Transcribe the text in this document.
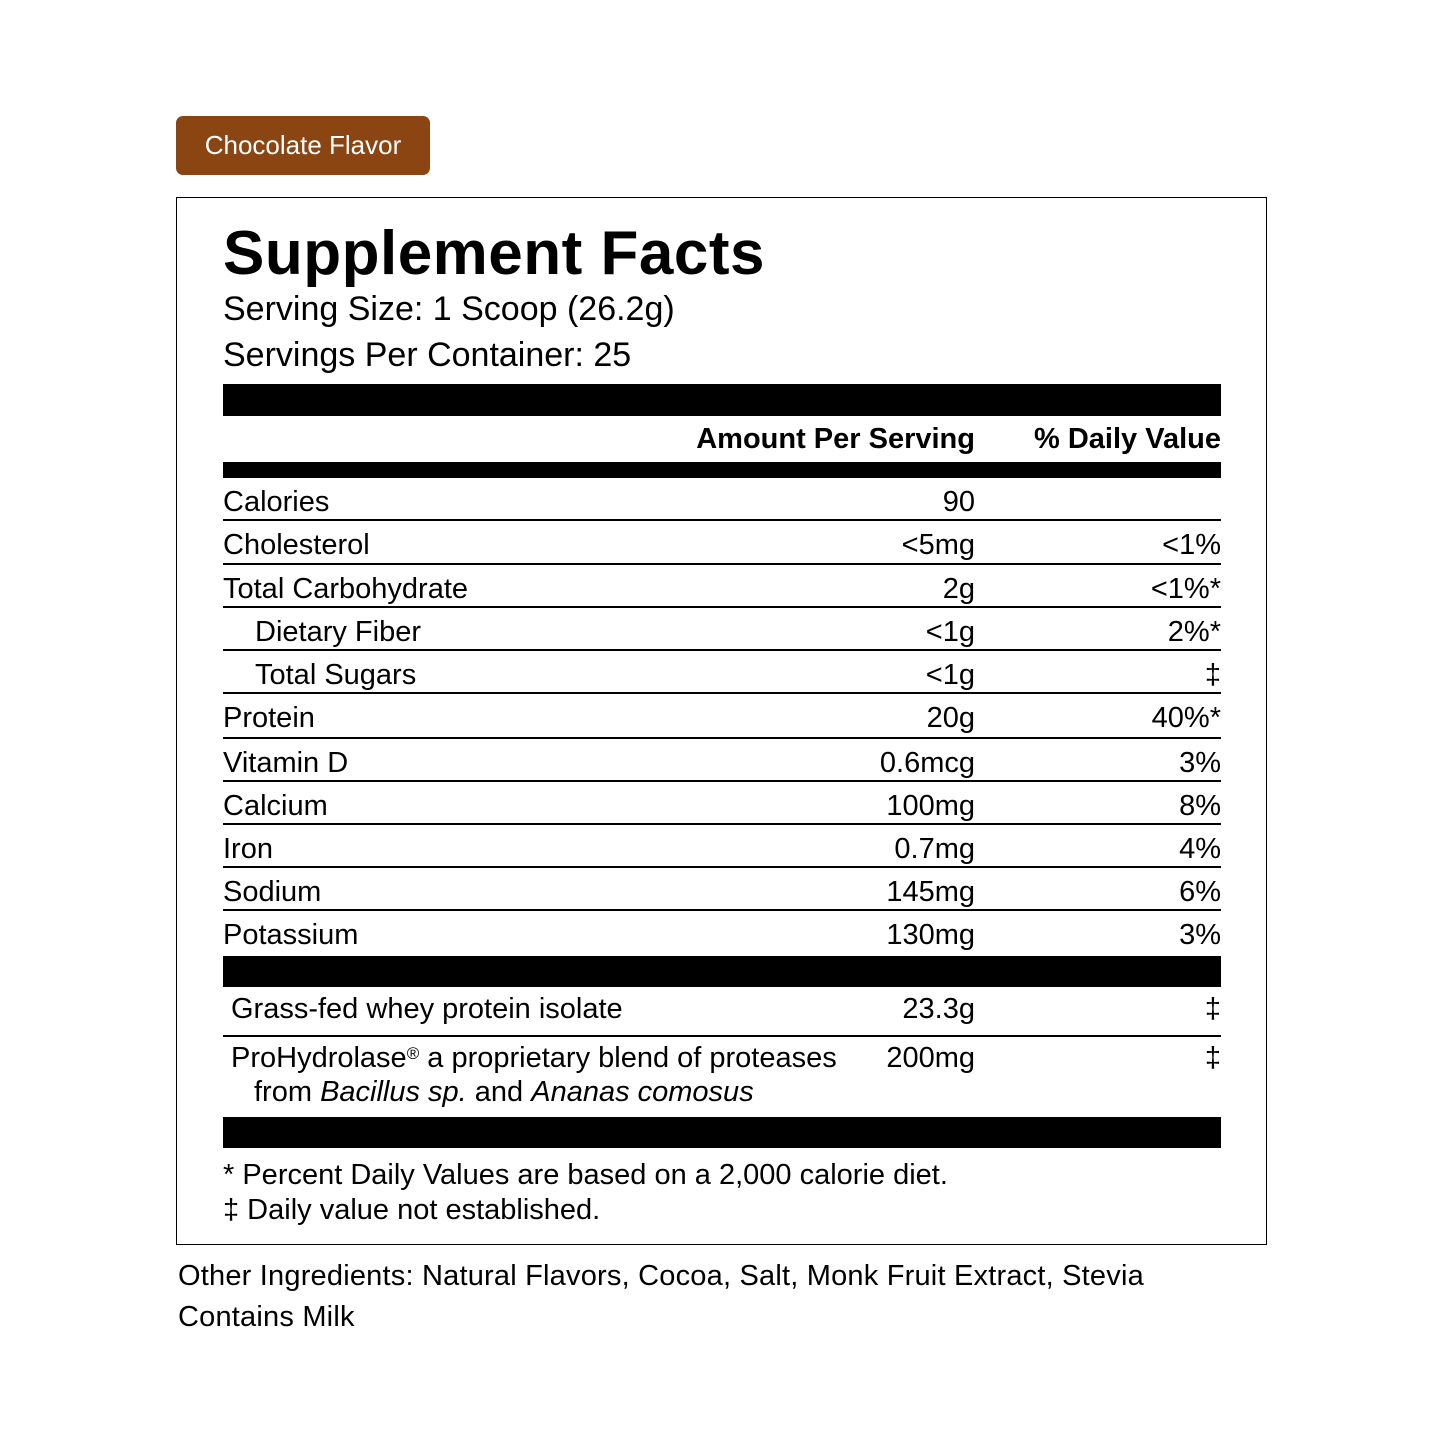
Chocolate Flavor
Supplement Facts
Serving Size: 1 Scoop (26.2g)
Servings Per Container: 25
Amount Per Serving % Daily Value
Calories	90
Cholesterol	<5mg	<1%
Total Carbohydrate	2g	<1%*
Dietary Fiber	<1g	2%*
Total Sugars	<1g	‡
Protein	20g	40%*
Vitamin D	0.6mcg	3%
Calcium	100mg	8%
Iron	0.7mg	4%
Sodium	145mg	6%
Potassium	130mg	3%
Grass-fed whey protein isolate	23.3g	‡
ProHydrolase® a proprietary blend of proteases
from Bacillus sp. and Ananas comosus
200mg	‡
* Percent Daily Values are based on a 2,000 calorie diet.
‡ Daily value not established.
Other Ingredients: Natural Flavors, Cocoa, Salt, Monk Fruit Extract, Stevia
Contains Milk
